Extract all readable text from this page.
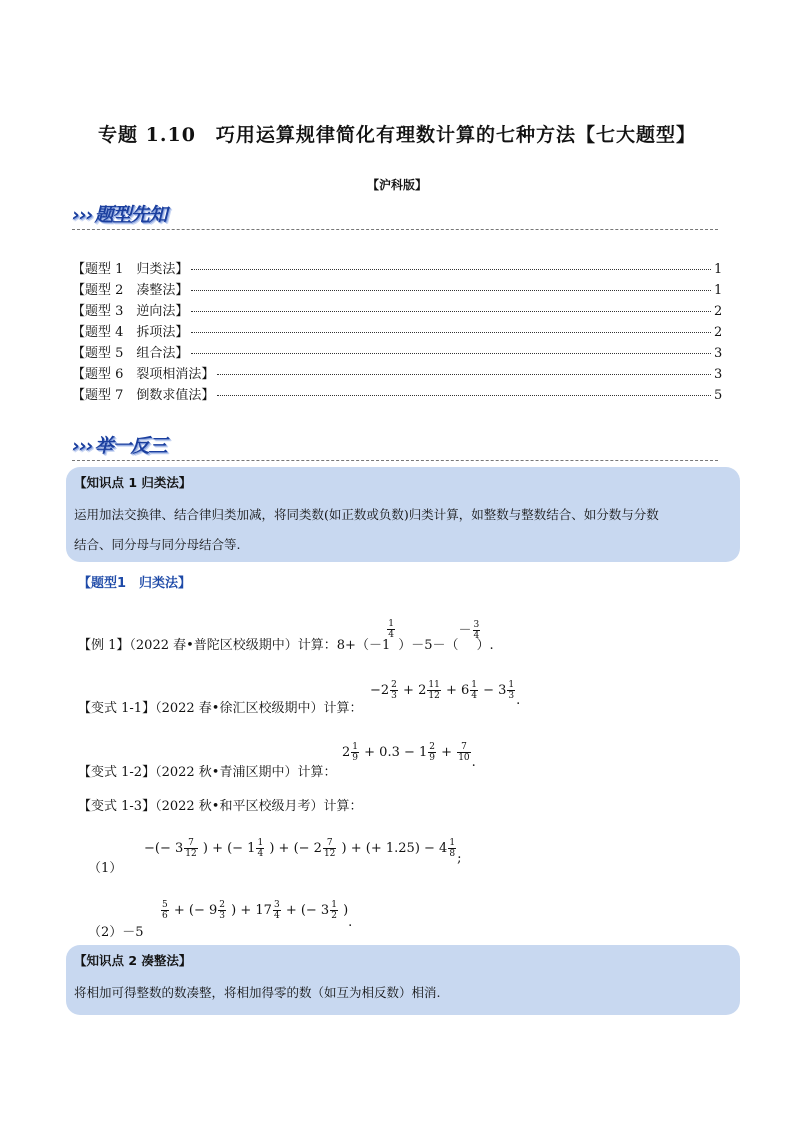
专题 1.10　巧用运算规律简化有理数计算的七种方法【七大题型】
【沪科版】
››› 题型先知
【题型 1　归类法】	1
【题型 2　凑整法】	1
【题型 3　逆向法】	2
【题型 4　拆项法】	2
【题型 5　组合法】	3
【题型 6　裂项相消法】	3
【题型 7　倒数求值法】	5
››› 举一反三
【知识点 1 归类法】
运用加法交换律、结合律归类加减，将同类数(如正数或负数)归类计算，如整数与整数结合、如分数与分数
结合、同分母与同分母结合等.
【题型1　归类法】
【例 1】（2022 春•普陀区校级期中）计算：8+（－1
$\frac{1}{4}$
）－5－（
－ $\frac{3}{4}$
）.
【变式 1-1】（2022 春•徐汇区校级期中）计算：
$-2 \frac{2}{3} + 2 \frac{11}{12} + 6 \frac{1}{4} - 3 \frac{1}{3}$ .
【变式 1-2】（2022 秋•青浦区期中）计算：
$2 \frac{1}{9} + 0.3 - 1 \frac{2}{9} + \frac{7}{10}$ .
【变式 1-3】（2022 秋•和平区校级月考）计算：
（1）
−(− $3 \frac{7}{12}$ ) + (− $1 \frac{1}{4}$ ) + (− $2 \frac{7}{12}$ ) + (+ $1.25) - 4 \frac{1}{8}$ ;
（2）－5
$\frac{5}{6}$ + (− $9 \frac{2}{3}$ ) + $17 \frac{3}{4}$ + (− $3 \frac{1}{2}$ ).
【知识点 2 凑整法】
将相加可得整数的数凑整，将相加得零的数（如互为相反数）相消.
